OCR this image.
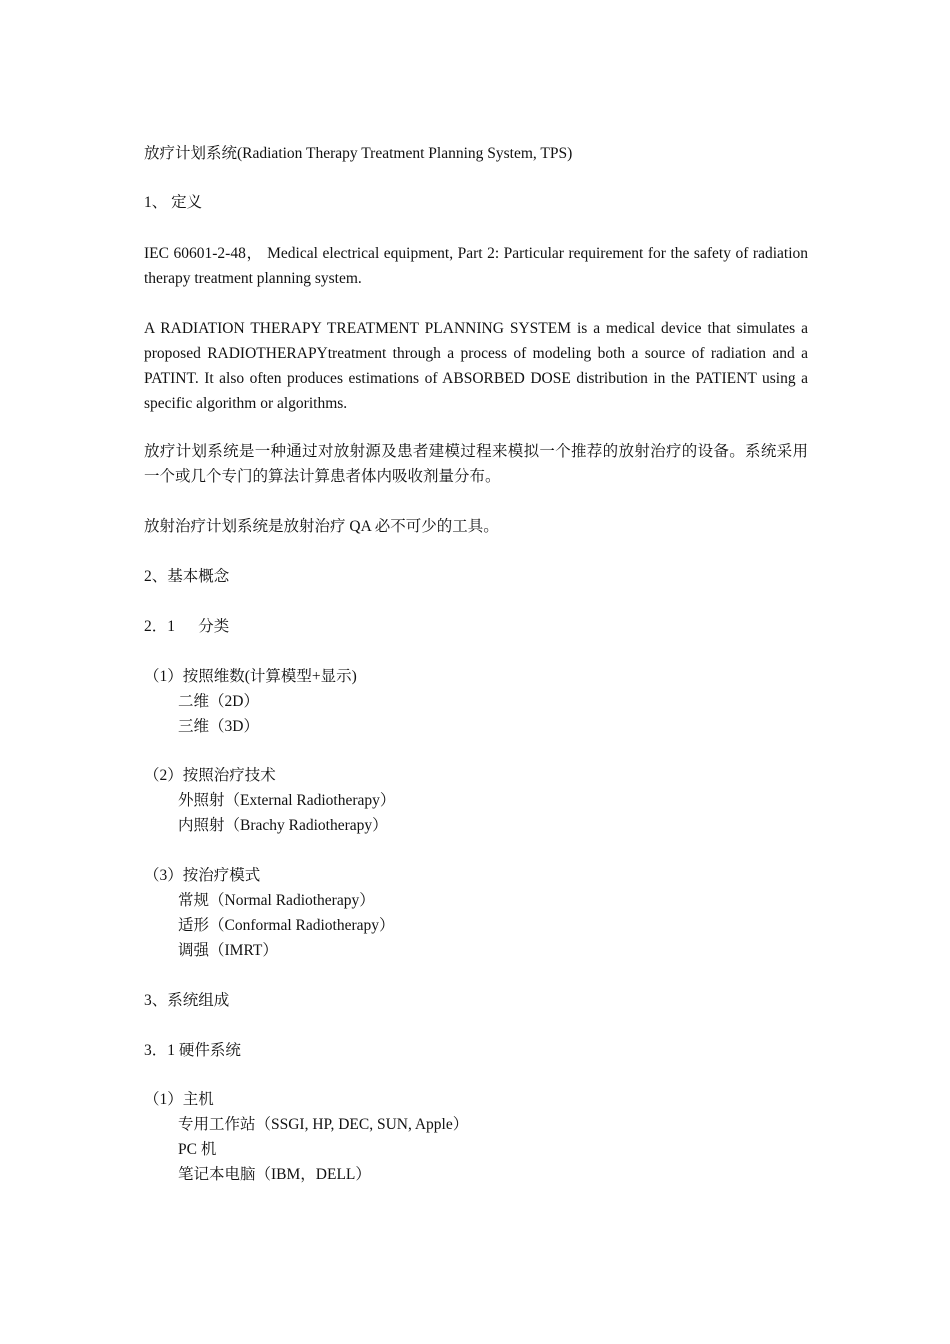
放疗计划系统(Radiation Therapy Treatment Planning System, TPS)
1、 定义
IEC 60601-2-48， Medical electrical equipment, Part 2: Particular requirement for the safety of radiation therapy treatment planning system.
A RADIATION THERAPY TREATMENT PLANNING SYSTEM is a medical device that simulates a proposed RADIOTHERAPYtreatment through a process of modeling both a source of radiation and a PATINT. It also often produces estimations of ABSORBED DOSE distribution in the PATIENT using a specific algorithm or algorithms.
放疗计划系统是一种通过对放射源及患者建模过程来模拟一个推荐的放射治疗的设备。系统采用一个或几个专门的算法计算患者体内吸收剂量分布。
放射治疗计划系统是放射治疗 QA 必不可少的工具。
2、基本概念
2．1      分类
（1）按照维数(计算模型+显示)
二维（2D）
三维（3D）
（2）按照治疗技术
外照射（External Radiotherapy）
内照射（Brachy Radiotherapy）
（3）按治疗模式
常规（Normal Radiotherapy）
适形（Conformal Radiotherapy）
调强（IMRT）
3、系统组成
3．1 硬件系统
（1）主机
专用工作站（SSGI, HP, DEC, SUN, Apple）
PC 机
笔记本电脑（IBM，DELL）
